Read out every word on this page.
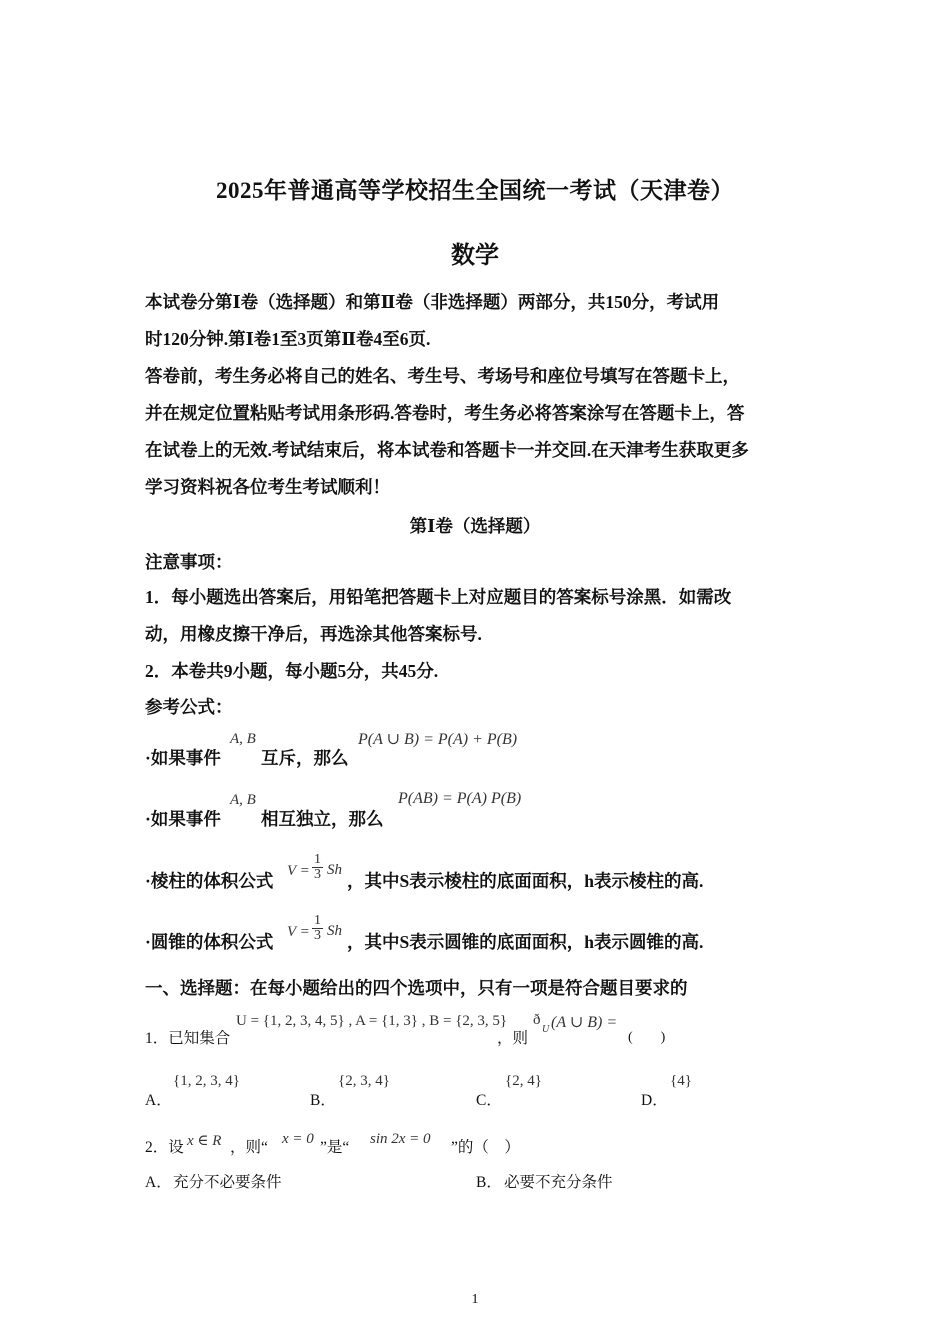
2025年普通高等学校招生全国统一考试（天津卷）
数学
本试卷分第Ⅰ卷（选择题）和第Ⅱ卷（非选择题）两部分，共150分，考试用
时120分钟.第Ⅰ卷1至3页第Ⅱ卷4至6页.
答卷前，考生务必将自己的姓名、考生号、考场号和座位号填写在答题卡上，
并在规定位置粘贴考试用条形码.答卷时，考生务必将答案涂写在答题卡上，答
在试卷上的无效.考试结束后，将本试卷和答题卡一并交回.在天津考生获取更多
学习资料祝各位考生考试顺利！
第Ⅰ卷（选择题）
注意事项：
1．每小题选出答案后，用铅笔把答题卡上对应题目的答案标号涂黑．如需改
动，用橡皮擦干净后，再选涂其他答案标号.
2．本卷共9小题，每小题5分，共45分.
参考公式：
·如果事件
A, B
互斥，那么
P(A ∪ B) = P(A) + P(B)
·如果事件
A, B
相互独立，那么
P(AB) = P(A) P(B)
·棱柱的体积公式 $V = \frac{1}{3}$ Sh
，其中S表示棱柱的底面面积，h表示棱柱的高.
·圆锥的体积公式 $V = \frac{1}{3}$ Sh
，其中S表示圆锥的底面面积，h表示圆锥的高.
一、选择题：在每小题给出的四个选项中，只有一项是符合题目要求的
1．已知集合
U = {1, 2, 3, 4, 5} , A = {1, 3} , B = {2, 3, 5}
，则
ð
U (A ∪ B) =
(　　)
A．
{1, 2, 3, 4}
B．
{2, 3, 4}
C．
{2, 4}
D．
{4}
2．设 x ∈ R ，则“ x = 0 ”是“ sin 2x = 0 ”的（　）
A． 充分不必要条件	B． 必要不充分条件
1
